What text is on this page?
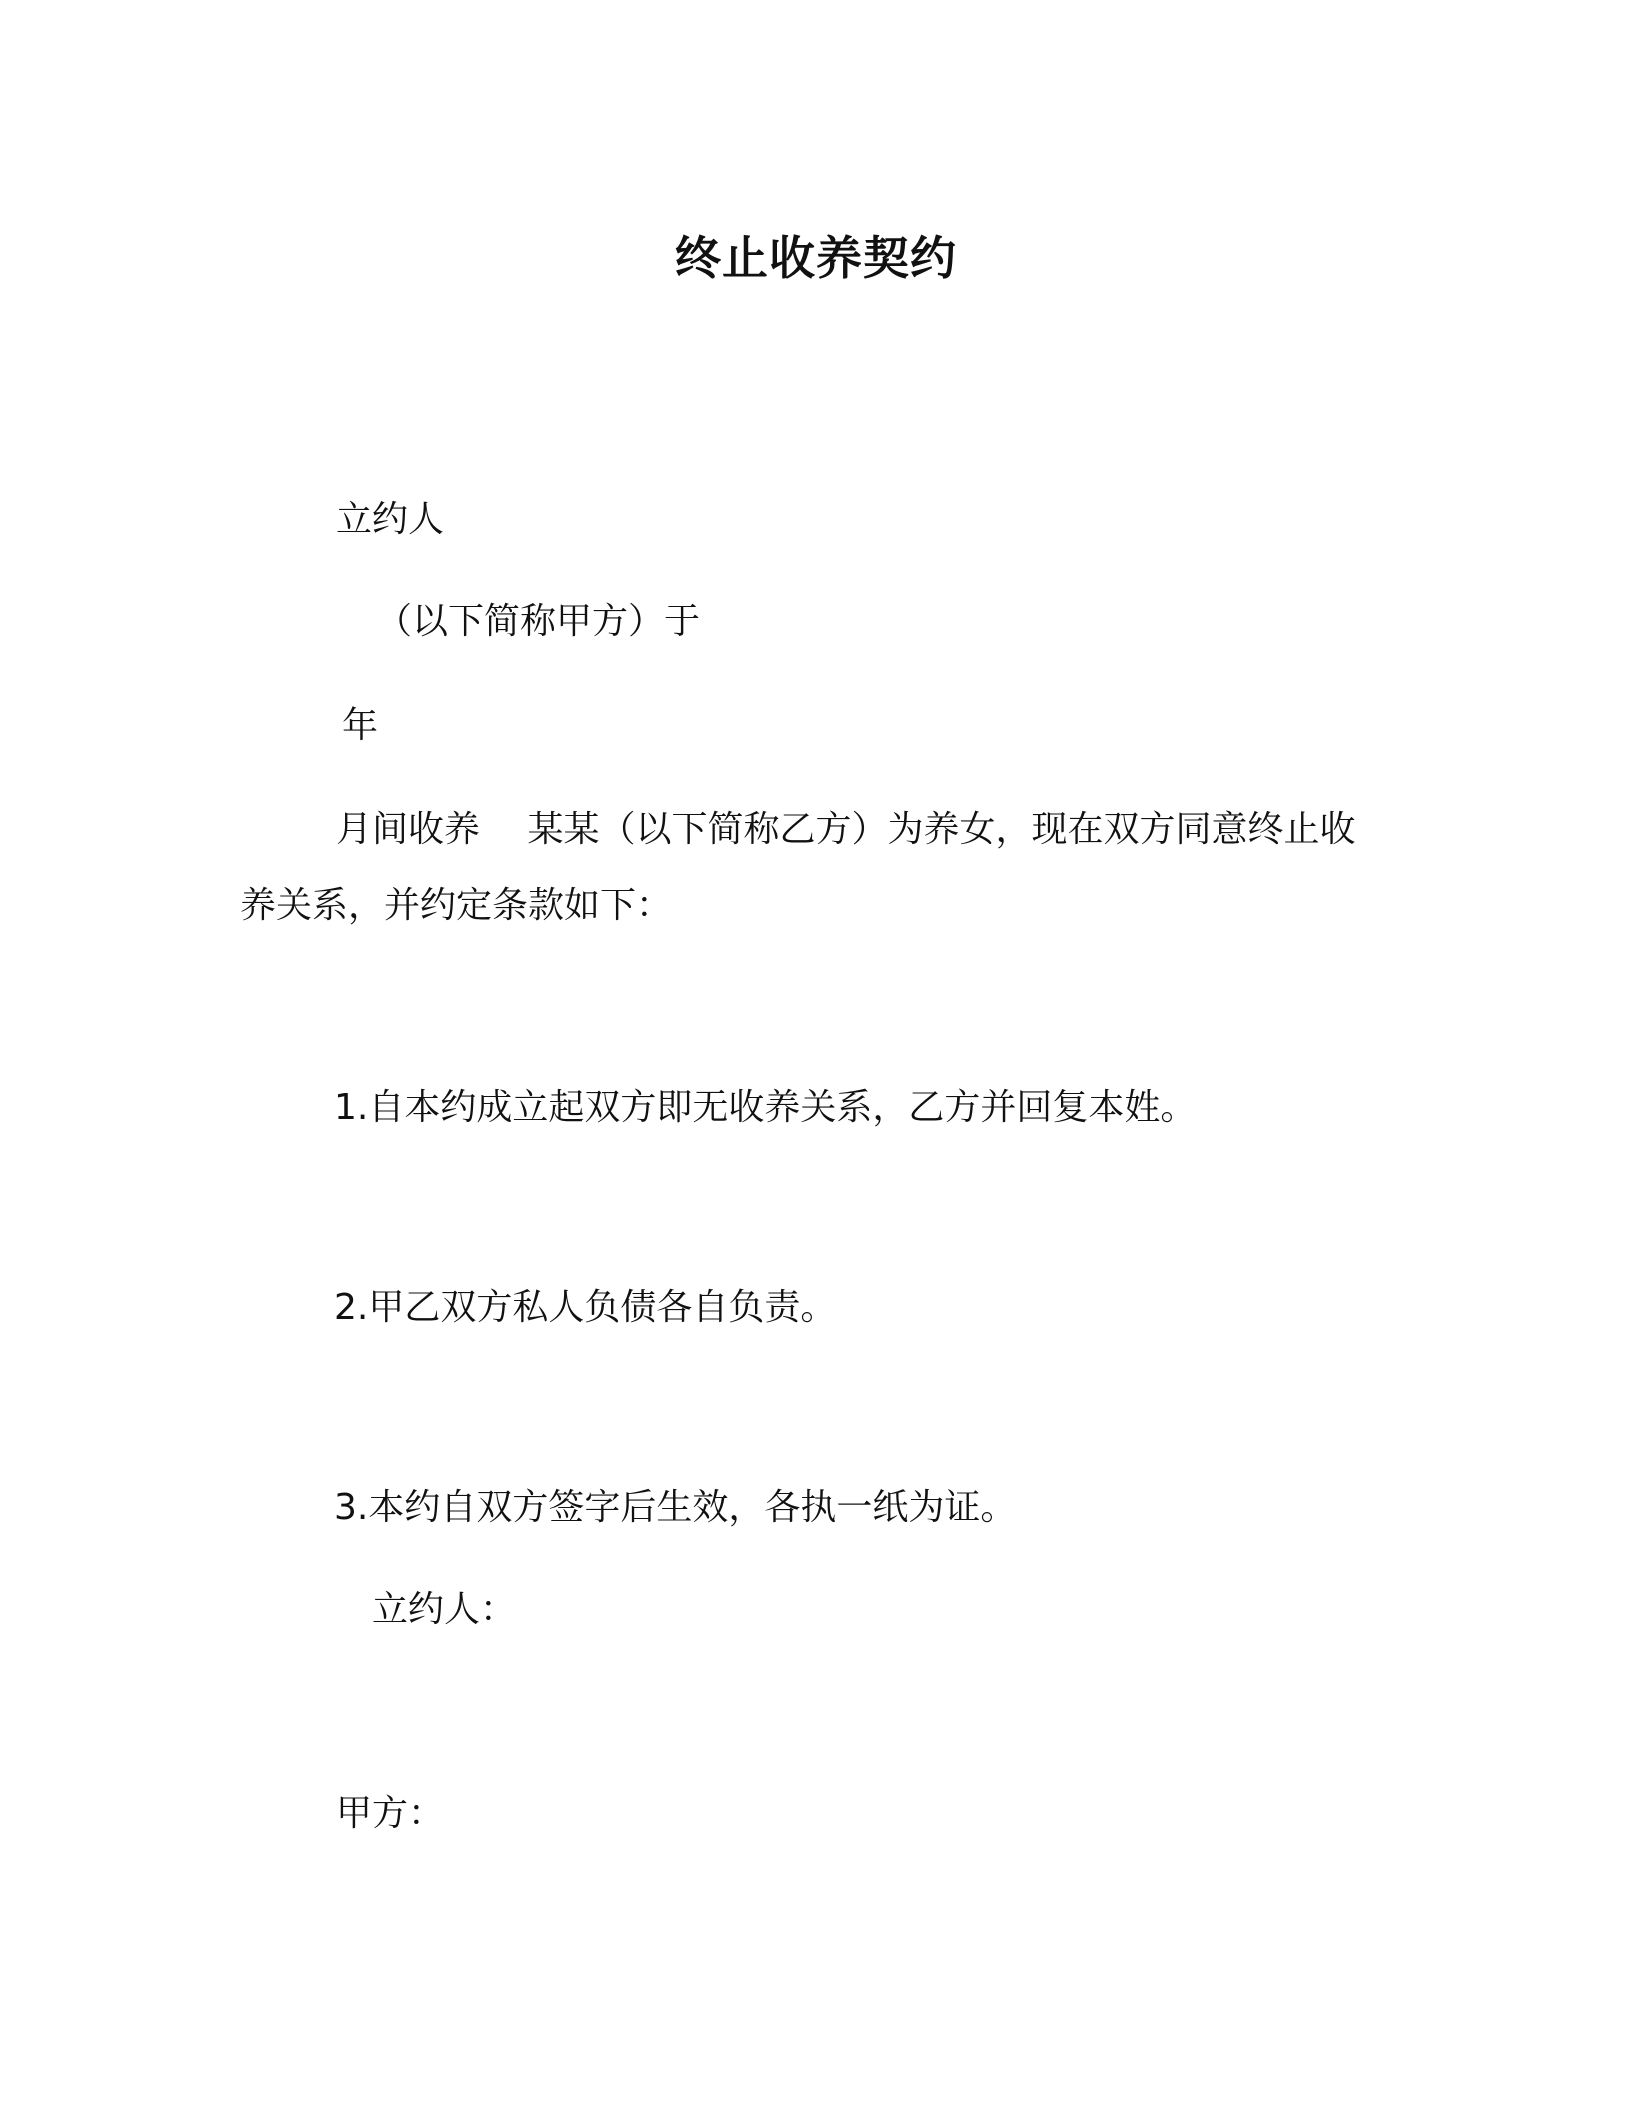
终止收养契约
立约人
（以下简称甲方）于
年
月间收养　 某某（以下简称乙方）为养女，现在双方同意终止收养关系，并约定条款如下：
1.自本约成立起双方即无收养关系，乙方并回复本姓。
2.甲乙双方私人负债各自负责。
3.本约自双方签字后生效，各执一纸为证。
立约人：
甲方：
